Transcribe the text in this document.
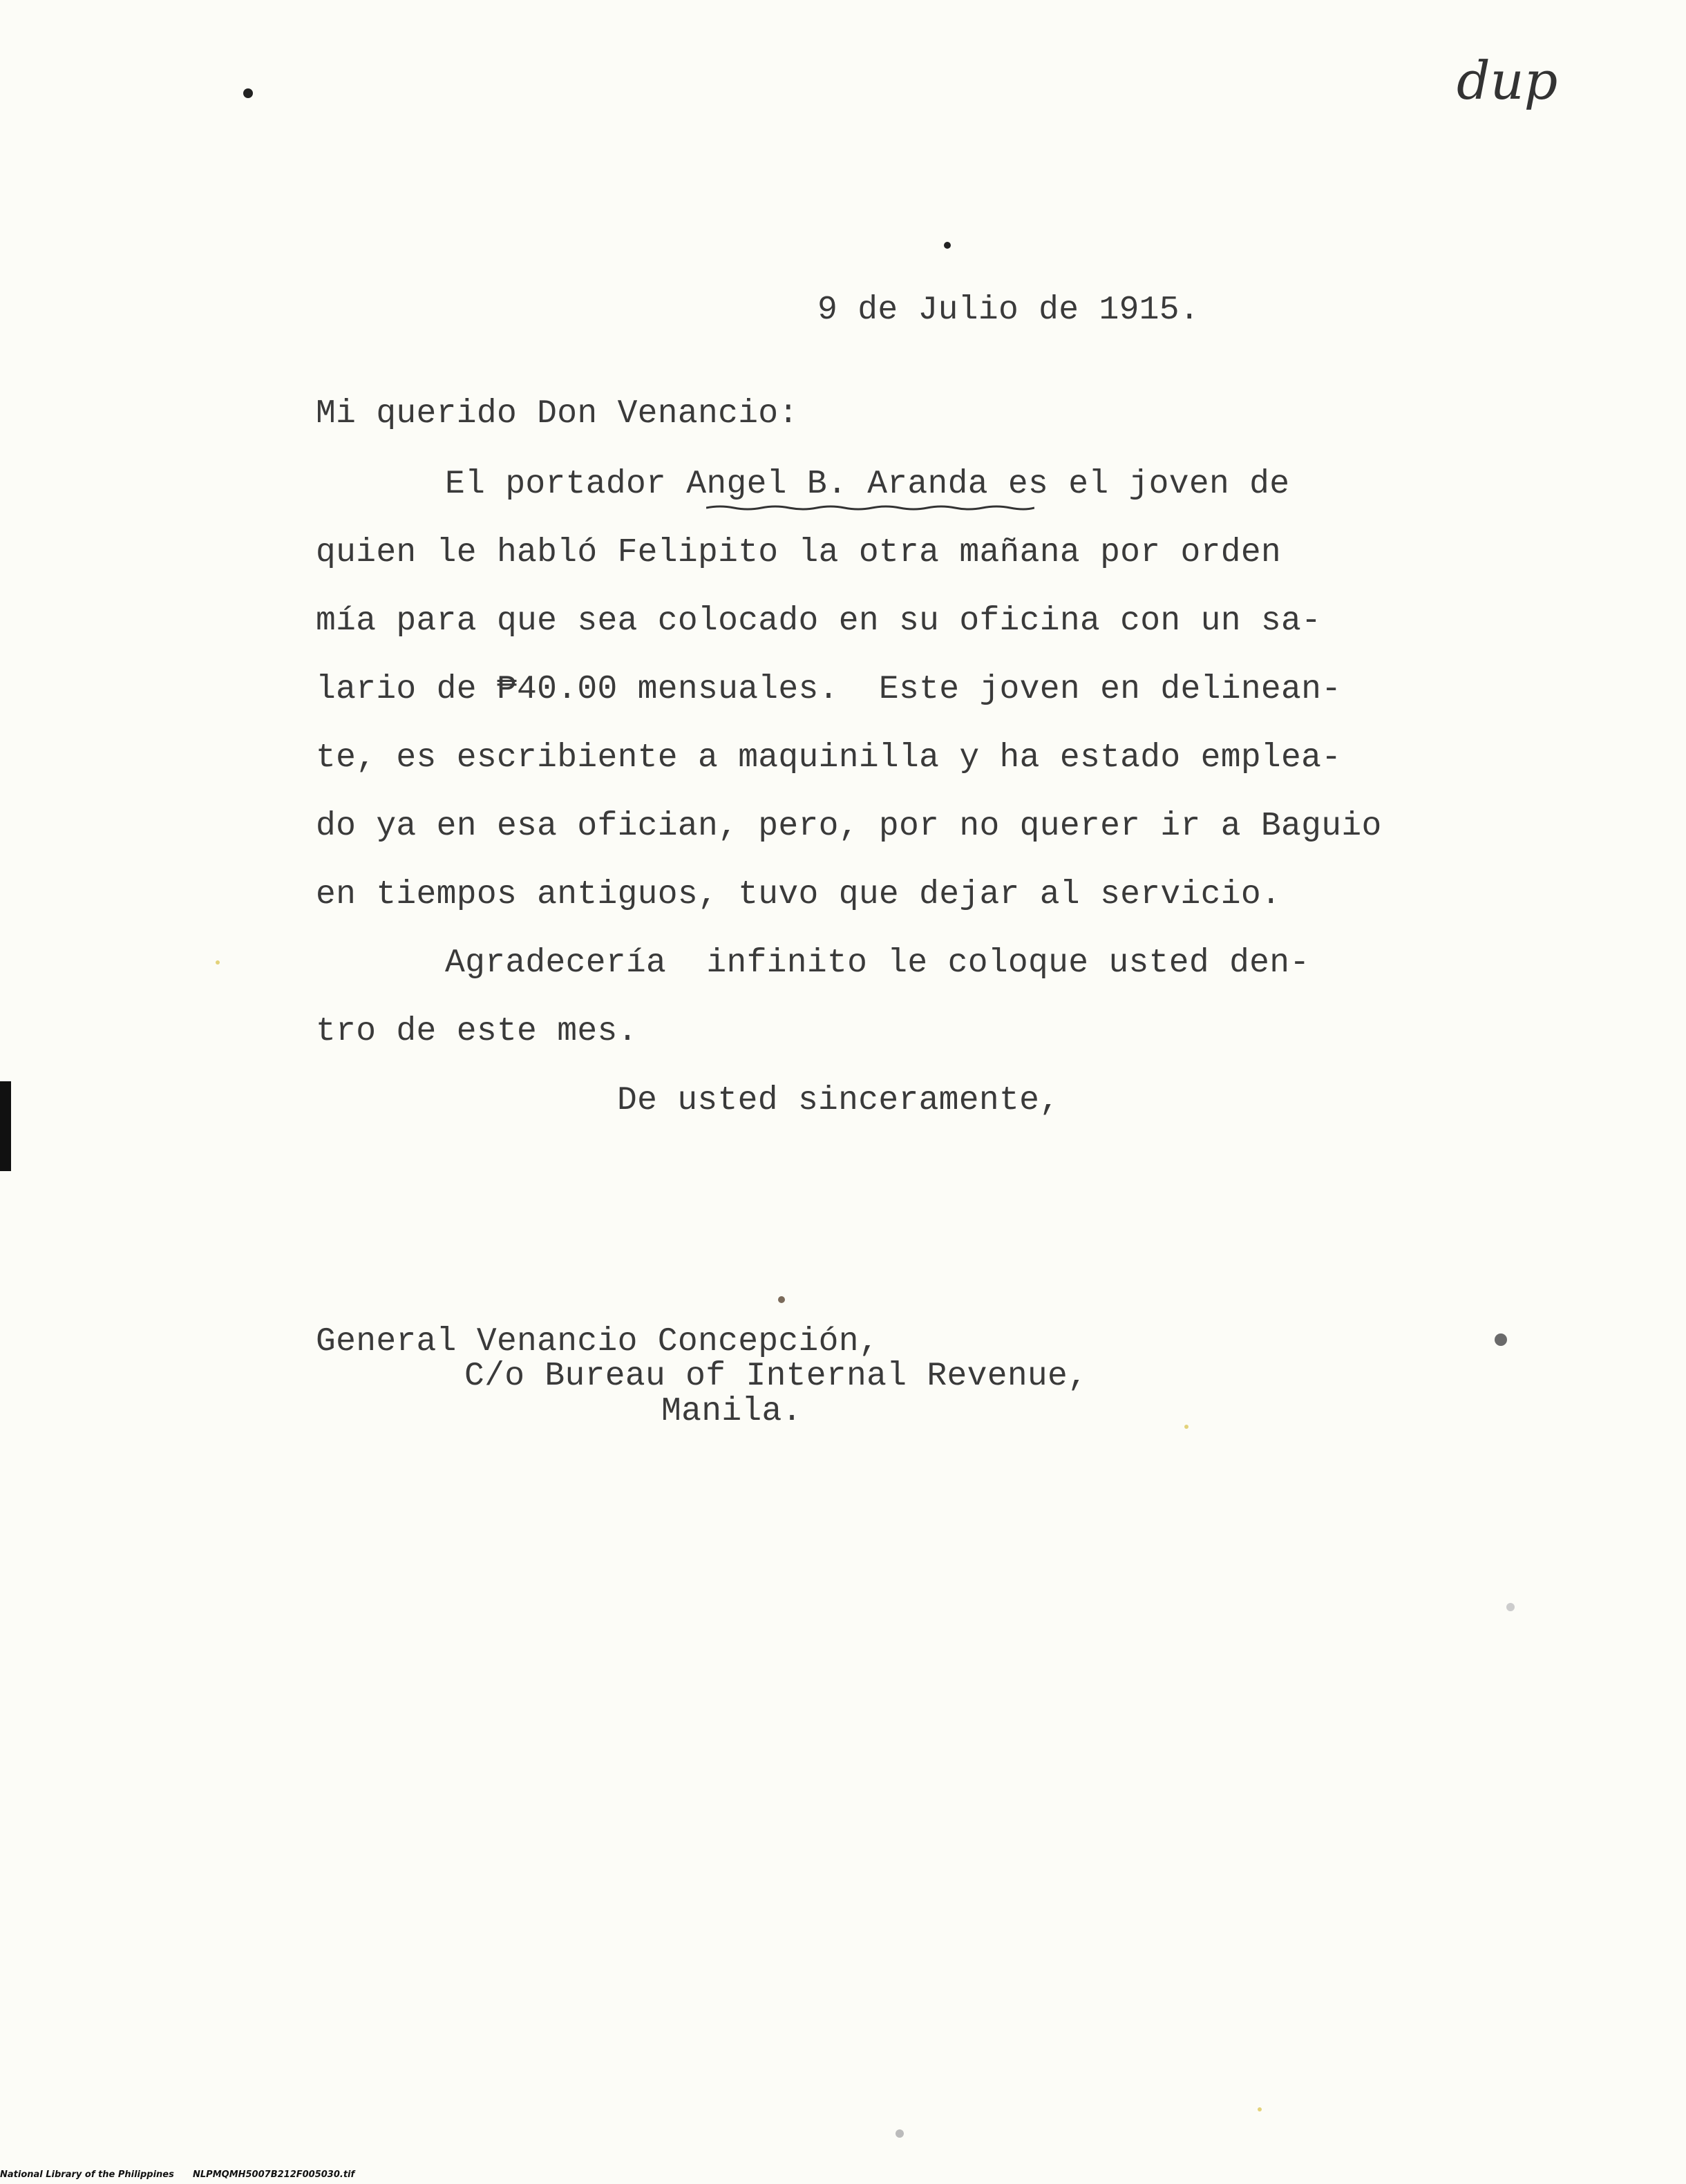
dup
9 de Julio de 1915.
Mi querido Don Venancio:
El portador Angel B. Aranda es el joven de
quien le habló Felipito la otra mañana por orden
mía para que sea colocado en su oficina con un sa-
lario de ₱40.00 mensuales.  Este joven en delinean-
te, es escribiente a maquinilla y ha estado emplea-
do ya en esa ofician, pero, por no querer ir a Baguio
en tiempos antiguos, tuvo que dejar al servicio.
Agradecería  infinito le coloque usted den-
tro de este mes.
De usted sinceramente,
General Venancio Concepción,
C/o Bureau of Internal Revenue,
Manila.
National Library of the Philippines NLPMQMH5007B212F005030.tif
